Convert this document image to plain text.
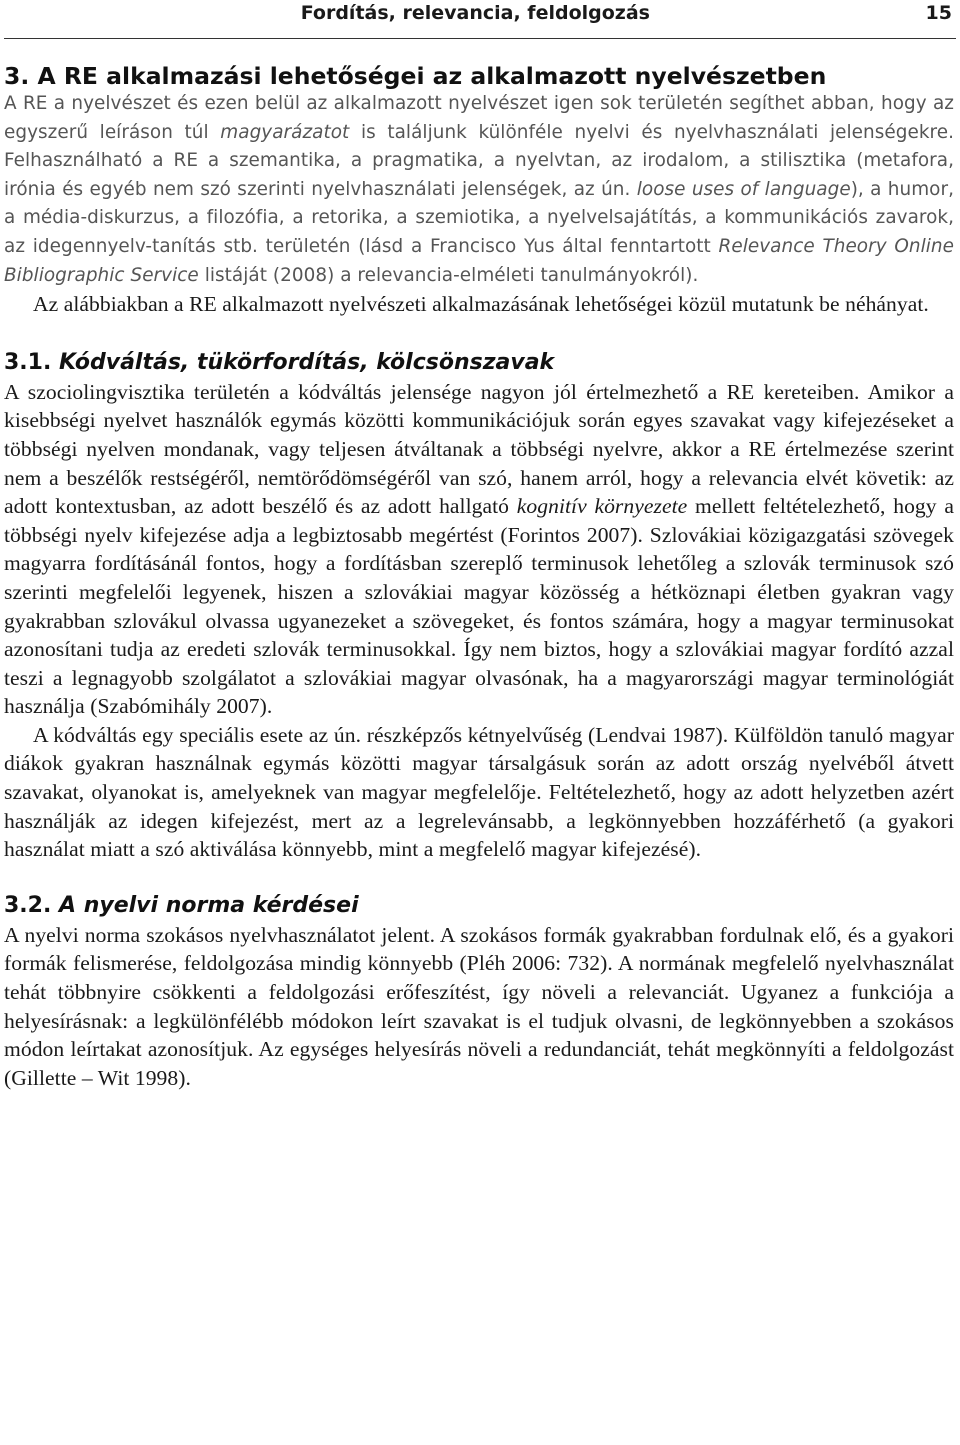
Fordítás, relevancia, feldolgozás	15
3. A RE alkalmazási lehetőségei az alkalmazott nyelvészetben

A RE a nyelvészet és ezen belül az alkalmazott nyelvészet igen sok területén segíthet abban, hogy az egyszerű leíráson túl magyarázatot is találjunk különféle nyelvi és nyelvhasználati jelenségekre. Felhasználható a RE a szemantika, a pragmatika, a nyelvtan, az irodalom, a stilisztika (metafora, irónia és egyéb nem szó szerinti nyelvhasználati jelenségek, az ún. loose uses of language), a humor, a média-diskurzus, a filozófia, a retorika, a szemiotika, a nyelvelsajátítás, a kommunikációs zavarok, az idegennyelv-tanítás stb. területén (lásd a Francisco Yus által fenntartott Relevance Theory Online Bibliographic Service listáját (2008) a relevancia-elméleti tanulmányokról).

Az alábbiakban a RE alkalmazott nyelvészeti alkalmazásának lehetőségei közül mutatunk be néhányat.

3.1. Kódváltás, tükörfordítás, kölcsönszavak

A szociolingvisztika területén a kódváltás jelensége nagyon jól értelmezhető a RE kereteiben. Amikor a kisebbségi nyelvet használók egymás közötti kommunikációjuk során egyes szavakat vagy kifejezéseket a többségi nyelven mondanak, vagy teljesen átváltanak a többségi nyelvre, akkor a RE értelmezése szerint nem a beszélők restségéről, nemtörődömségéről van szó, hanem arról, hogy a relevancia elvét követik: az adott kontextusban, az adott beszélő és az adott hallgató kognitív környezete mellett feltételezhető, hogy a többségi nyelv kifejezése adja a legbiztosabb megértést (Forintos 2007). Szlovákiai közigazgatási szövegek magyarra fordításánál fontos, hogy a fordításban szereplő terminusok lehetőleg a szlovák terminusok szó szerinti megfelelői legyenek, hiszen a szlovákiai magyar közösség a hétköznapi életben gyakran vagy gyakrabban szlovákul olvassa ugyanezeket a szövegeket, és fontos számára, hogy a magyar terminusokat azonosítani tudja az eredeti szlovák terminusokkal. Így nem biztos, hogy a szlovákiai magyar fordító azzal teszi a legnagyobb szolgálatot a szlovákiai magyar olvasónak, ha a magyarországi magyar terminológiát használja (Szabómihály 2007).

A kódváltás egy speciális esete az ún. részképzős kétnyelvűség (Lendvai 1987). Külföldön tanuló magyar diákok gyakran használnak egymás közötti magyar társalgásuk során az adott ország nyelvéből átvett szavakat, olyanokat is, amelyeknek van magyar megfelelője. Feltételezhető, hogy az adott helyzetben azért használják az idegen kifejezést, mert az a legrelevánsabb, a legkönnyebben hozzáférhető (a gyakori használat miatt a szó aktiválása könnyebb, mint a megfelelő magyar kifejezésé).

3.2. A nyelvi norma kérdései

A nyelvi norma szokásos nyelvhasználatot jelent. A szokásos formák gyakrabban fordulnak elő, és a gyakori formák felismerése, feldolgozása mindig könnyebb (Pléh 2006: 732). A normának megfelelő nyelvhasználat tehát többnyire csökkenti a feldolgozási erőfeszítést, így növeli a relevanciát. Ugyanez a funkciója a helyesírásnak: a legkülönfélébb módokon leírt szavakat is el tudjuk olvasni, de legkönnyebben a szokásos módon leírtakat azonosítjuk. Az egységes helyesírás növeli a redundanciát, tehát megkönnyíti a feldolgozást (Gillette – Wit 1998).
